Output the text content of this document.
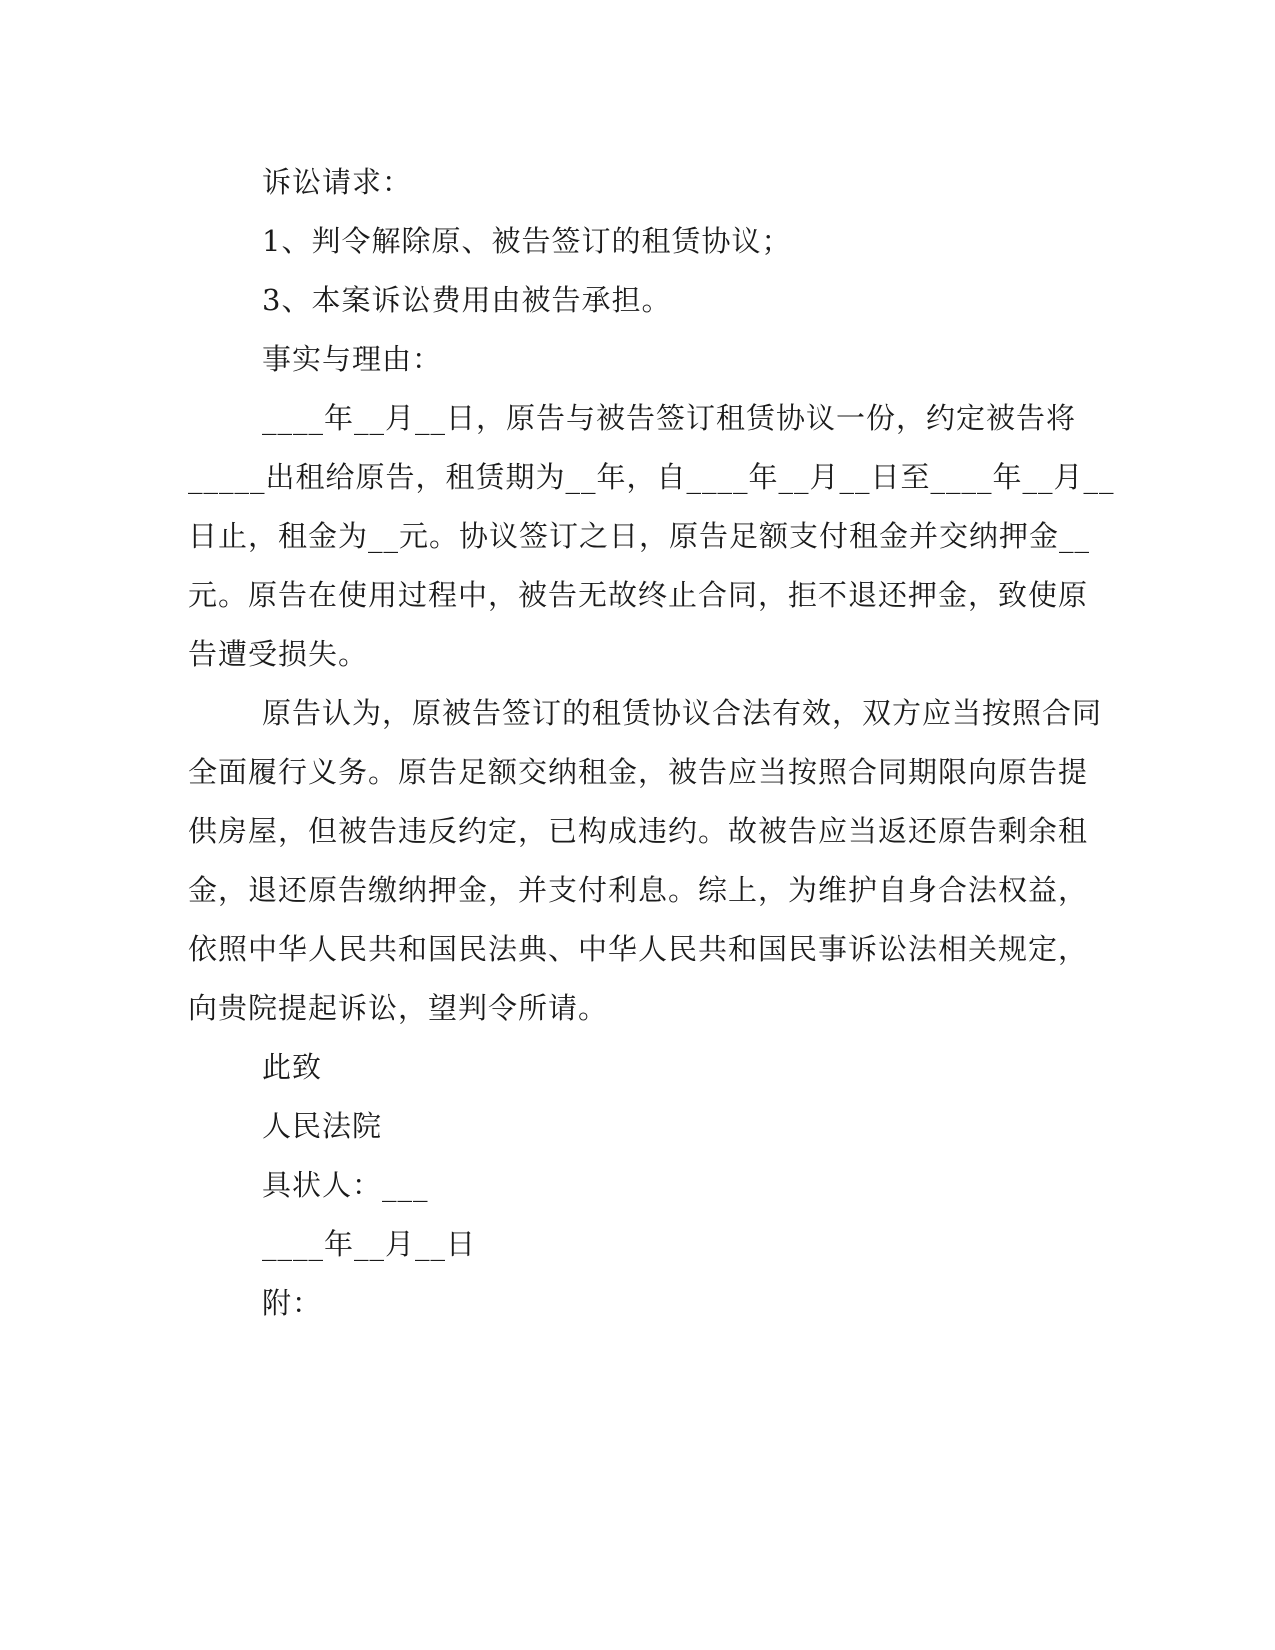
诉讼请求：
1、判令解除原、被告签订的租赁协议；
3、本案诉讼费用由被告承担。
事实与理由：
____年__月__日，原告与被告签订租赁协议一份，约定被告将
_____出租给原告，租赁期为__年，自____年__月__日至____年__月__
日止，租金为__元。协议签订之日，原告足额支付租金并交纳押金__
元。原告在使用过程中，被告无故终止合同，拒不退还押金，致使原
告遭受损失。
原告认为，原被告签订的租赁协议合法有效，双方应当按照合同
全面履行义务。原告足额交纳租金，被告应当按照合同期限向原告提
供房屋，但被告违反约定，已构成违约。故被告应当返还原告剩余租
金，退还原告缴纳押金，并支付利息。综上，为维护自身合法权益，
依照中华人民共和国民法典、中华人民共和国民事诉讼法相关规定，
向贵院提起诉讼，望判令所请。
此致
人民法院
具状人：___
____年__月__日
附：
